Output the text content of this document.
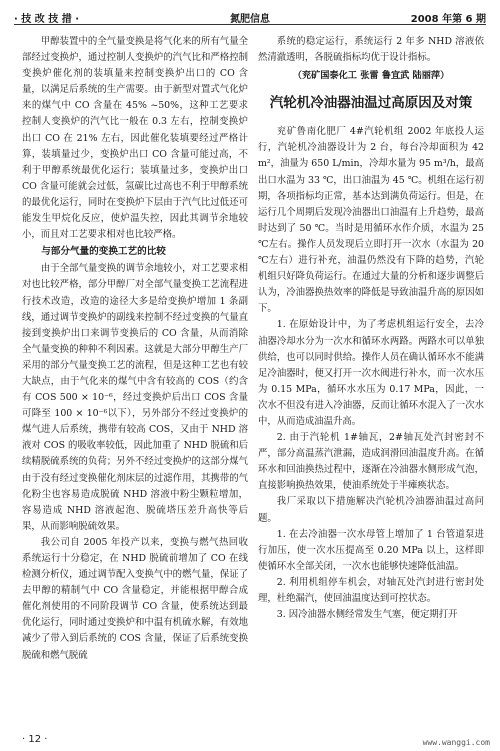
· 技 改 技 措 ·	氮肥信息	2008 年第 6 期

甲醇装置中的全气量变换是将气化来的所有气量全部经过变换炉，通过控制人变换炉的汽气比和严格控制变换炉催化剂的装填量来控制变换炉出口的 CO 含量，以满足后系统的生产需要。由于新型对置式气化炉来的煤气中 CO 含量在 45% ~50%，这种工艺要求控制人变换炉的汽气比一般在 0.3 左右，控制变换炉出口 CO 在 21% 左右，因此催化装填要经过严格计算，装填量过少，变换炉出口 CO 含量可能过高，不利于甲醇系统最优化运行；装填量过多，变换炉出口 CO 含量可能就会过低，氢碳比过高也不利于甲醇系统的最优化运行，同时在变换炉下层由于汽气比过低还可能发生甲烷化反应，使炉温失控，因此其调节余地较小，而且对工艺要求相对也比较严格。

与部分气量的变换工艺的比较

由于全部气量变换的调节余地较小，对工艺要求相对也比较严格，部分甲醇厂对全部气量变换工艺流程进行技术改造，改造的途径大多是给变换炉增加 1 条副线，通过调节变换炉的副线来控制不经过变换的气量直接到变换炉出口来调节变换后的 CO 含量，从而消除全气量变换的种种不利因素。这就是大部分甲醇生产厂采用的部分气量变换工艺的流程，但是这种工艺也有较大缺点，由于气化来的煤气中含有较高的 COS（约含有 COS 500 × 10⁻⁶，经过变换炉后出口 COS 含量可降至 100 × 10⁻⁶以下），另外部分不经过变换炉的煤气进人后系统，携带有较高 COS，又由于 NHD 溶液对 COS 的吸收率较低，因此加重了 NHD 脱硫和后续精脱硫系统的负荷；另外不经过变换炉的这部分煤气由于没有经过变换催化剂床层的过滤作用，其携带的气化粉尘也容易造成脱硫 NHD 溶液中粉尘颗粒增加，容易造成 NHD 溶液起泡、脱硫塔压差升高快等后果，从而影响脱硫效果。

我公司自 2005 年投产以来，变换与燃气热回收系统运行十分稳定，在 NHD 脱硫前增加了 CO 在线检测分析仪，通过调节配入变换气中的燃气量，保证了去甲醇的精制气中 CO 含量稳定，并能根据甲醇合成催化剂使用的不同阶段调节 CO 含量，使系统达到最优化运行，同时通过变换炉和中温有机硫水解，有效地减少了带入到后系统的 COS 含量，保证了后系统变换脱硫和燃气脱硫

系统的稳定运行，系统运行 2 年多 NHD 溶液依然清澈透明，各脱硫指标均优于设计指标。

（兖矿国泰化工 张雷 鲁宜武 陆丽萍）
汽轮机冷油器油温过高原因及对策

兖矿鲁南化肥厂 4#汽轮机组 2002 年底投人运行，汽轮机冷油器设计为 2 台，每台冷却面积为 42 m²，油量为 650 L/min，冷却水量为 95 m³/h，最高出口水温为 33 ℃，出口油温为 45 ℃。机组在运行初期，各项指标均正常，基本达到满负荷运行。但是，在运行几个周期后发现冷油器出口油温有上升趋势，最高时达到了 50 ℃。当时是用循环水作介质，水温为 25 ℃左右。操作人员发现后立即打开一次水（水温为 20 ℃左右）进行补充，油温仍然没有下降的趋势，汽轮机组只好降负荷运行。在通过大量的分析和逐步调整后认为，冷油器换热效率的降低是导致油温升高的原因如下。

1. 在原始设计中，为了考虑机组运行安全，去冷油器冷却水分为一次水和循环水两路。两路水可以单独供给，也可以同时供给。操作人员在确认循环水不能满足冷油器时，便又打开一次水阀进行补水，而一次水压为 0.15 MPa，循环水水压为 0.17 MPa，因此，一次水不但没有进入冷油器，反而让循环水混入了一次水中，从而造成油温升高。

2. 由于汽轮机 1#轴瓦，2#轴瓦处汽封密封不严，部分高温蒸汽泄漏，造成润滑回油温度升高。在循环水和回油换热过程中，逐渐在冷油器水侧形成气泡，直接影响换热效果，使油系统处于半瘫痪状态。

我厂采取以下措施解决汽轮机冷油器油温过高问题。

1. 在去冷油器一次水母管上增加了 1 台管道泵进行加压，使一次水压提高至 0.20 MPa 以上，这样即使循环水全部关闭，一次水也能够快速降低油温。

2. 利用机组停车机会，对轴瓦处汽封进行密封处理，杜绝漏汽，使回油温度达到可控状态。

3. 因冷油器水侧经常发生气塞，便定期打开

· 12 ·	www.wanggi.com
